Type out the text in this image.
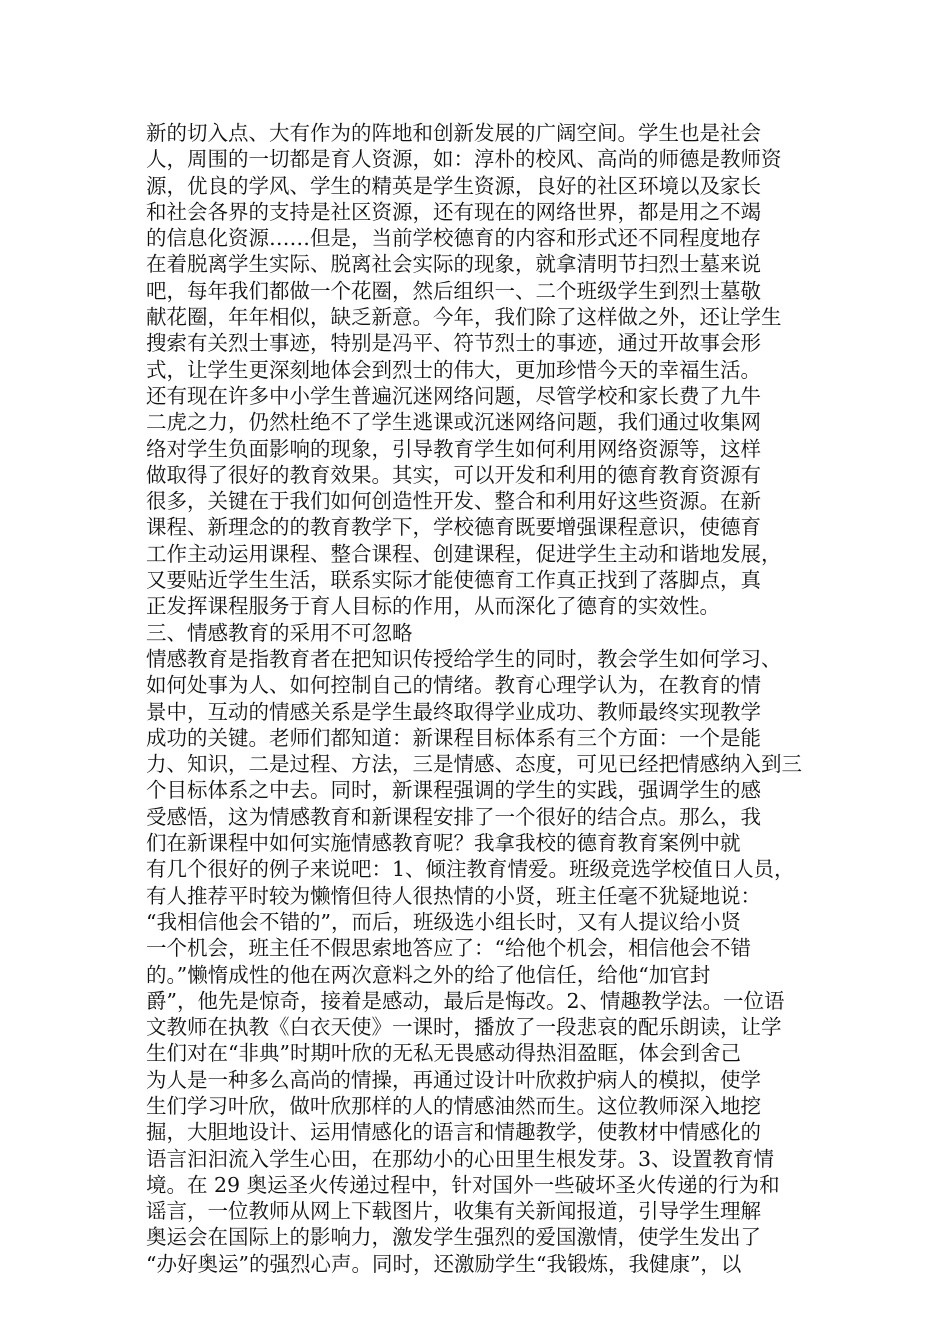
新的切入点、大有作为的阵地和创新发展的广阔空间。学生也是社会
人，周围的一切都是育人资源，如：淳朴的校风、高尚的师德是教师资
源，优良的学风、学生的精英是学生资源，良好的社区环境以及家长
和社会各界的支持是社区资源，还有现在的网络世界，都是用之不竭
的信息化资源……但是，当前学校德育的内容和形式还不同程度地存
在着脱离学生实际、脱离社会实际的现象，就拿清明节扫烈士墓来说
吧，每年我们都做一个花圈，然后组织一、二个班级学生到烈士墓敬
献花圈，年年相似，缺乏新意。今年，我们除了这样做之外，还让学生
搜索有关烈士事迹，特别是冯平、符节烈士的事迹，通过开故事会形
式，让学生更深刻地体会到烈士的伟大，更加珍惜今天的幸福生活。
还有现在许多中小学生普遍沉迷网络问题，尽管学校和家长费了九牛
二虎之力，仍然杜绝不了学生逃课或沉迷网络问题，我们通过收集网
络对学生负面影响的现象，引导教育学生如何利用网络资源等，这样
做取得了很好的教育效果。其实，可以开发和利用的德育教育资源有
很多，关键在于我们如何创造性开发、整合和利用好这些资源。在新
课程、新理念的的教育教学下，学校德育既要增强课程意识，使德育
工作主动运用课程、整合课程、创建课程，促进学生主动和谐地发展，
又要贴近学生生活，联系实际才能使德育工作真正找到了落脚点，真
正发挥课程服务于育人目标的作用，从而深化了德育的实效性。
三、情感教育的采用不可忽略
情感教育是指教育者在把知识传授给学生的同时，教会学生如何学习、
如何处事为人、如何控制自己的情绪。教育心理学认为，在教育的情
景中，互动的情感关系是学生最终取得学业成功、教师最终实现教学
成功的关键。老师们都知道：新课程目标体系有三个方面：一个是能
力、知识，二是过程、方法，三是情感、态度，可见已经把情感纳入到三
个目标体系之中去。同时，新课程强调的学生的实践，强调学生的感
受感悟，这为情感教育和新课程安排了一个很好的结合点。那么，我
们在新课程中如何实施情感教育呢？我拿我校的德育教育案例中就
有几个很好的例子来说吧：1、倾注教育情爱。班级竞选学校值日人员，
有人推荐平时较为懒惰但待人很热情的小贤，班主任毫不犹疑地说：
“我相信他会不错的”，而后，班级选小组长时，又有人提议给小贤
一个机会，班主任不假思索地答应了：“给他个机会，相信他会不错
的。”懒惰成性的他在两次意料之外的给了他信任，给他“加官封
爵”，他先是惊奇，接着是感动，最后是悔改。2、情趣教学法。一位语
文教师在执教《白衣天使》一课时，播放了一段悲哀的配乐朗读，让学
生们对在“非典”时期叶欣的无私无畏感动得热泪盈眶，体会到舍己
为人是一种多么高尚的情操，再通过设计叶欣救护病人的模拟，使学
生们学习叶欣，做叶欣那样的人的情感油然而生。这位教师深入地挖
掘，大胆地设计、运用情感化的语言和情趣教学，使教材中情感化的
语言汩汩流入学生心田，在那幼小的心田里生根发芽。3、设置教育情
境。在 29 奥运圣火传递过程中，针对国外一些破坏圣火传递的行为和
谣言，一位教师从网上下载图片，收集有关新闻报道，引导学生理解
奥运会在国际上的影响力，激发学生强烈的爱国激情，使学生发出了
“办好奥运”的强烈心声。同时，还激励学生“我锻炼，我健康”，以
